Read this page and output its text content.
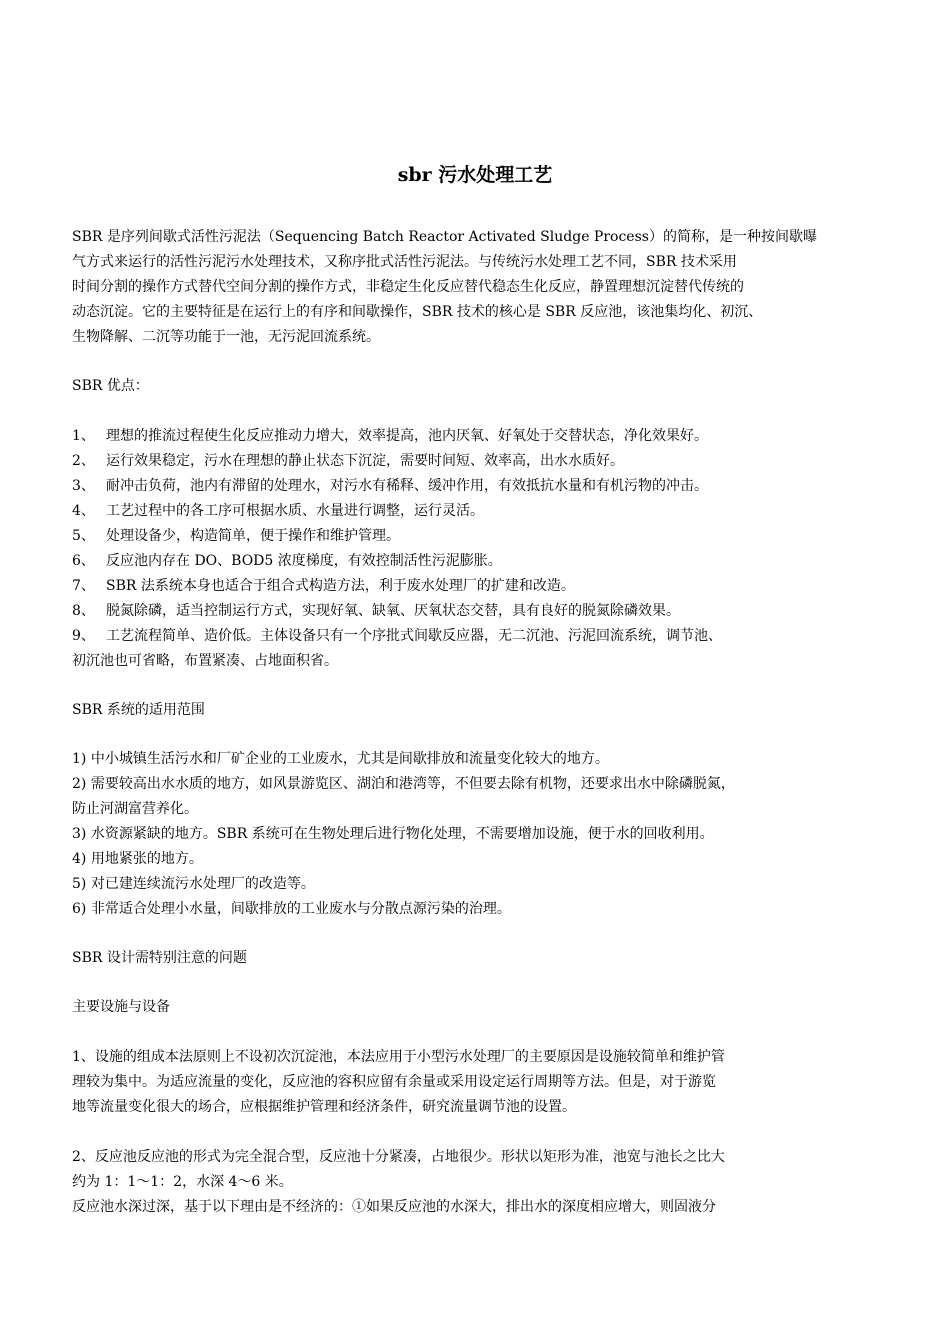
sbr 污水处理工艺
SBR 是序列间歇式活性污泥法（Sequencing Batch Reactor Activated Sludge Process）的简称，是一种按间歇曝
气方式来运行的活性污泥污水处理技术，又称序批式活性污泥法。与传统污水处理工艺不同，SBR 技术采用
时间分割的操作方式替代空间分割的操作方式，非稳定生化反应替代稳态生化反应，静置理想沉淀替代传统的
动态沉淀。它的主要特征是在运行上的有序和间歇操作，SBR 技术的核心是 SBR 反应池，该池集均化、初沉、
生物降解、二沉等功能于一池，无污泥回流系统。
SBR 优点：
1、 理想的推流过程使生化反应推动力增大，效率提高，池内厌氧、好氧处于交替状态，净化效果好。
2、 运行效果稳定，污水在理想的静止状态下沉淀，需要时间短、效率高，出水水质好。
3、 耐冲击负荷，池内有滞留的处理水，对污水有稀释、缓冲作用，有效抵抗水量和有机污物的冲击。
4、 工艺过程中的各工序可根据水质、水量进行调整，运行灵活。
5、 处理设备少，构造简单，便于操作和维护管理。
6、 反应池内存在 DO、BOD5 浓度梯度，有效控制活性污泥膨胀。
7、 SBR 法系统本身也适合于组合式构造方法，利于废水处理厂的扩建和改造。
8、 脱氮除磷，适当控制运行方式，实现好氧、缺氧、厌氧状态交替，具有良好的脱氮除磷效果。
9、 工艺流程简单、造价低。主体设备只有一个序批式间歇反应器，无二沉池、污泥回流系统，调节池、
初沉池也可省略，布置紧凑、占地面积省。
SBR 系统的适用范围
1) 中小城镇生活污水和厂矿企业的工业废水，尤其是间歇排放和流量变化较大的地方。
2) 需要较高出水水质的地方，如风景游览区、湖泊和港湾等，不但要去除有机物，还要求出水中除磷脱氮，
防止河湖富营养化。
3) 水资源紧缺的地方。SBR 系统可在生物处理后进行物化处理，不需要增加设施，便于水的回收利用。
4) 用地紧张的地方。
5) 对已建连续流污水处理厂的改造等。
6) 非常适合处理小水量，间歇排放的工业废水与分散点源污染的治理。
SBR 设计需特别注意的问题
主要设施与设备
1、设施的组成本法原则上不设初次沉淀池，本法应用于小型污水处理厂的主要原因是设施较简单和维护管
理较为集中。为适应流量的变化，反应池的容积应留有余量或采用设定运行周期等方法。但是，对于游览
地等流量变化很大的场合，应根据维护管理和经济条件，研究流量调节池的设置。
2、反应池反应池的形式为完全混合型，反应池十分紧凑，占地很少。形状以矩形为准，池宽与池长之比大
约为 1：1～1：2，水深 4～6 米。
反应池水深过深，基于以下理由是不经济的：①如果反应池的水深大，排出水的深度相应增大，则固液分
